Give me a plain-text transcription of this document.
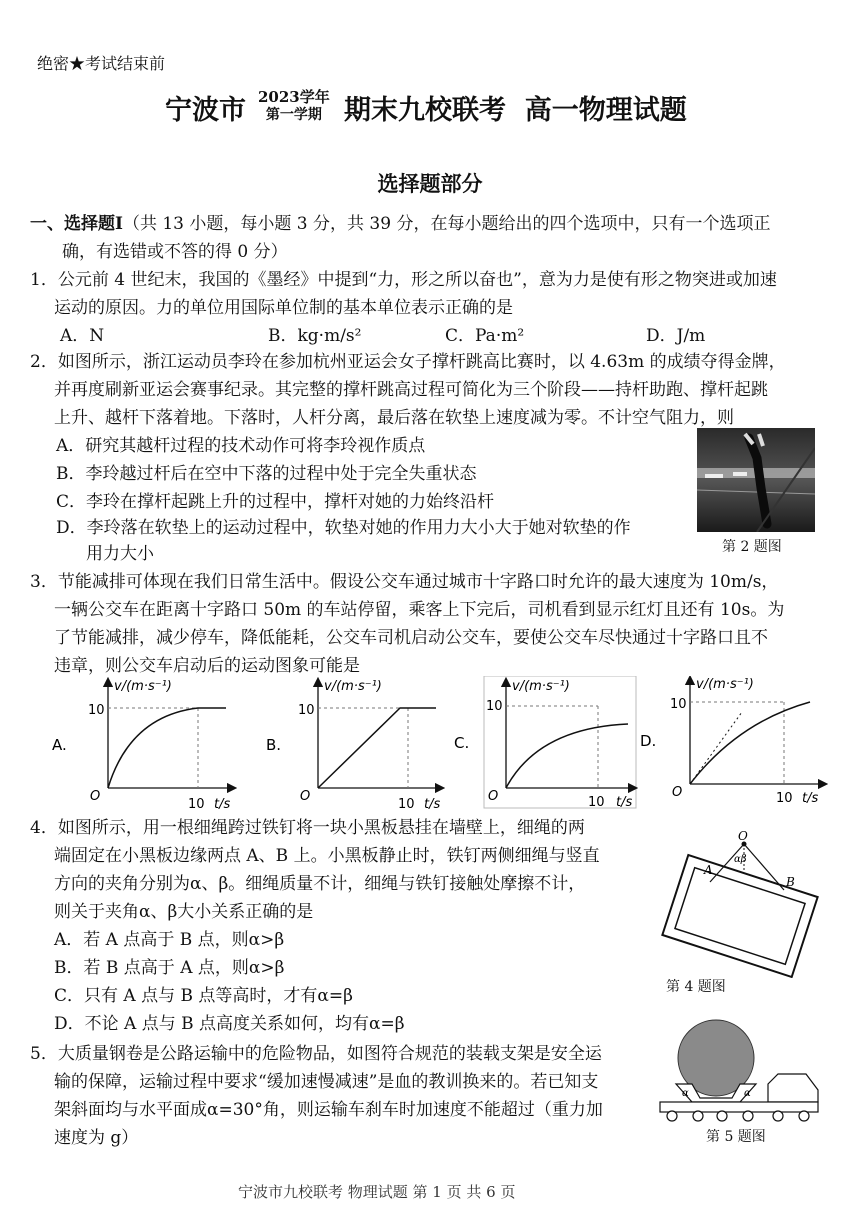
绝密★考试结束前
宁波市 2023学年
第一学期 期末九校联考  高一物理试题
选择题部分
一、选择题Ⅰ（共 13 小题，每小题 3 分，共 39 分，在每小题给出的四个选项中，只有一个选项正
确，有选错或不答的得 0 分）
1．公元前 4 世纪末，我国的《墨经》中提到“力，形之所以奋也”，意为力是使有形之物突进或加速
运动的原因。力的单位用国际单位制的基本单位表示正确的是
A．N	B．kg·m/s²	C．Pa·m²	D．J/m
2．如图所示，浙江运动员李玲在参加杭州亚运会女子撑杆跳高比赛时，以 4.63m 的成绩夺得金牌，
并再度刷新亚运会赛事纪录。其完整的撑杆跳高过程可简化为三个阶段——持杆助跑、撑杆起跳
上升、越杆下落着地。下落时，人杆分离，最后落在软垫上速度减为零。不计空气阻力，则
A．研究其越杆过程的技术动作可将李玲视作质点
B．李玲越过杆后在空中下落的过程中处于完全失重状态
C．李玲在撑杆起跳上升的过程中，撑杆对她的力始终沿杆
D．李玲落在软垫上的运动过程中，软垫对她的作用力大小大于她对软垫的作
用力大小	第 2 题图
3．节能减排可体现在我们日常生活中。假设公交车通过城市十字路口时允许的最大速度为 10m/s，
一辆公交车在距离十字路口 50m 的车站停留，乘客上下完后，司机看到显示红灯且还有 10s。为
了节能减排，减少停车，降低能耗，公交车司机启动公交车，要使公交车尽快通过十字路口且不
违章，则公交车启动后的运动图象可能是
A.
v/(m·s⁻¹)
10
O
10 t/s
B.
v/(m·s⁻¹)
10
O
10 t/s
C.
v/(m·s⁻¹)
10
O	10 t/s
D.
v/(m·s⁻¹)
10
O	10 t/s
4．如图所示，用一根细绳跨过铁钉将一块小黑板悬挂在墙壁上，细绳的两
端固定在小黑板边缘两点 A、B 上。小黑板静止时，铁钉两侧细绳与竖直
方向的夹角分别为α、β。细绳质量不计，细绳与铁钉接触处摩擦不计，
则关于夹角α、β大小关系正确的是
A．若 A 点高于 B 点，则α>β
B．若 B 点高于 A 点，则α>β
C．只有 A 点与 B 点等高时，才有α=β
D．不论 A 点与 B 点高度关系如何，均有α=β
O
A
B
αβ
第 4 题图
5．大质量钢卷是公路运输中的危险物品，如图符合规范的装载支架是安全运
输的保障，运输过程中要求“缓加速慢减速”是血的教训换来的。若已知支
架斜面均与水平面成α=30°角，则运输车刹车时加速度不能超过（重力加
速度为 g）
α	α
第 5 题图
宁波市九校联考 物理试题 第 1 页 共 6 页
